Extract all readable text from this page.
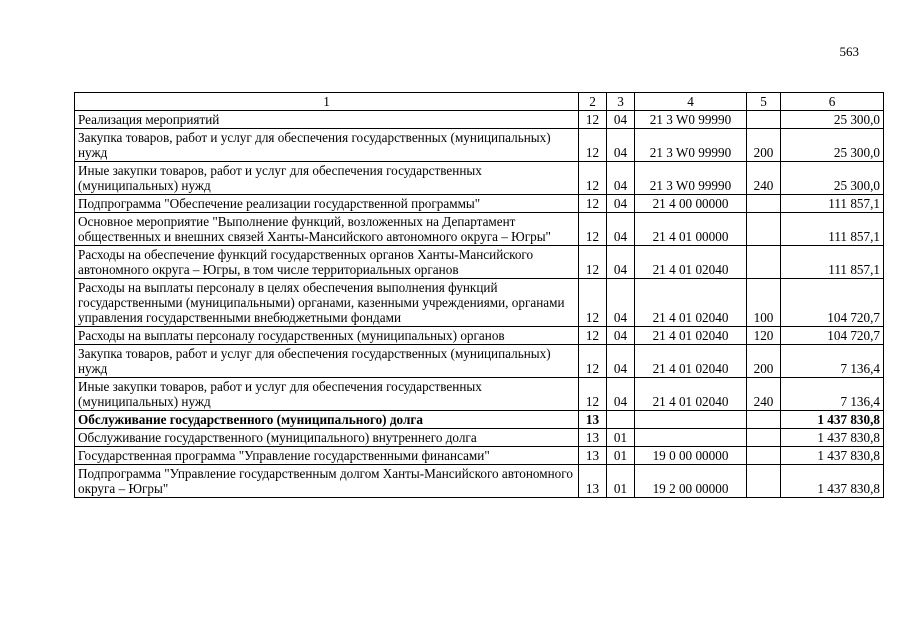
563
1	2	3	4	5	6
Реализация мероприятий	12	04	21 3 W0 99990		25 300,0
Закупка товаров, работ и услуг для обеспечения государственных (муниципальных) нужд	12	04	21 3 W0 99990	200	25 300,0
Иные закупки товаров, работ и услуг для обеспечения государственных (муниципальных) нужд	12	04	21 3 W0 99990	240	25 300,0
Подпрограмма "Обеспечение реализации государственной программы"	12	04	21 4 00 00000		111 857,1
Основное мероприятие "Выполнение функций, возложенных на Департамент общественных и внешних связей Ханты-Мансийского автономного округа – Югры"	12	04	21 4 01 00000		111 857,1
Расходы на обеспечение функций государственных органов Ханты-Мансийского автономного округа – Югры, в том числе территориальных органов	12	04	21 4 01 02040		111 857,1
Расходы на выплаты персоналу в целях обеспечения выполнения функций государственными (муниципальными) органами, казенными учреждениями, органами управления государственными внебюджетными фондами	12	04	21 4 01 02040	100	104 720,7
Расходы на выплаты персоналу государственных (муниципальных) органов	12	04	21 4 01 02040	120	104 720,7
Закупка товаров, работ и услуг для обеспечения государственных (муниципальных) нужд	12	04	21 4 01 02040	200	7 136,4
Иные закупки товаров, работ и услуг для обеспечения государственных (муниципальных) нужд	12	04	21 4 01 02040	240	7 136,4
Обслуживание государственного (муниципального) долга	13				1 437 830,8
Обслуживание государственного (муниципального) внутреннего долга	13	01			1 437 830,8
Государственная программа "Управление государственными финансами"	13	01	19 0 00 00000		1 437 830,8
Подпрограмма "Управление государственным долгом Ханты-Мансийского автономного округа – Югры"	13	01	19 2 00 00000		1 437 830,8
